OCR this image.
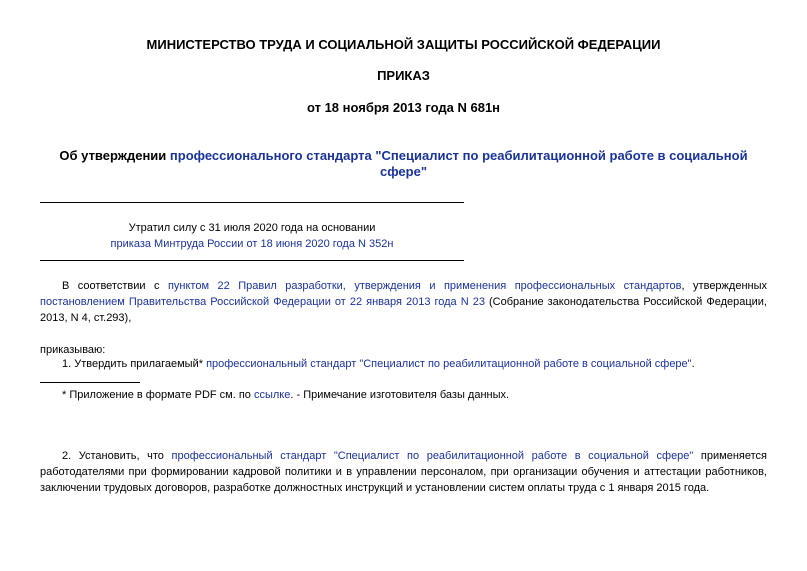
МИНИСТЕРСТВО ТРУДА И СОЦИАЛЬНОЙ ЗАЩИТЫ РОССИЙСКОЙ ФЕДЕРАЦИИ
ПРИКАЗ
от 18 ноября 2013 года N 681н
Об утверждении профессионального стандарта "Специалист по реабилитационной работе в социальной сфере"
Утратил силу с 31 июля 2020 года на основании
приказа Минтруда России от 18 июня 2020 года N 352н
В соответствии с пунктом 22 Правил разработки, утверждения и применения профессиональных стандартов, утвержденных постановлением Правительства Российской Федерации от 22 января 2013 года N 23 (Собрание законодательства Российской Федерации, 2013, N 4, ст.293),
приказываю:
1. Утвердить прилагаемый* профессиональный стандарт "Специалист по реабилитационной работе в социальной сфере".
* Приложение в формате PDF см. по ссылке. - Примечание изготовителя базы данных.
2. Установить, что профессиональный стандарт "Специалист по реабилитационной работе в социальной сфере" применяется работодателями при формировании кадровой политики и в управлении персоналом, при организации обучения и аттестации работников, заключении трудовых договоров, разработке должностных инструкций и установлении систем оплаты труда с 1 января 2015 года.
